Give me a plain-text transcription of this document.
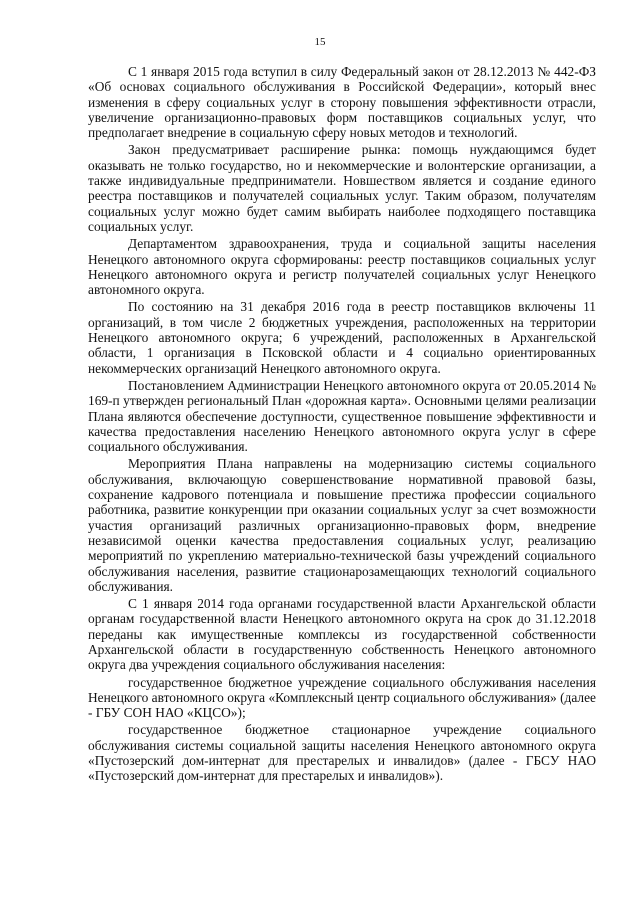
15

С 1 января 2015 года вступил в силу Федеральный закон от 28.12.2013 № 442-ФЗ «Об основах социального обслуживания в Российской Федерации», который внес изменения в сферу социальных услуг в сторону повышения эффективности отрасли, увеличение организационно-правовых форм поставщиков социальных услуг, что предполагает внедрение в социальную сферу новых методов и технологий.

Закон предусматривает расширение рынка: помощь нуждающимся будет оказывать не только государство, но и некоммерческие и волонтерские организации, а также индивидуальные предприниматели. Новшеством является и создание единого реестра поставщиков и получателей социальных услуг. Таким образом, получателям социальных услуг можно будет самим выбирать наиболее подходящего поставщика социальных услуг.

Департаментом здравоохранения, труда и социальной защиты населения Ненецкого автономного округа сформированы: реестр поставщиков социальных услуг Ненецкого автономного округа и регистр получателей социальных услуг Ненецкого автономного округа.

По состоянию на 31 декабря 2016 года в реестр поставщиков включены 11 организаций, в том числе 2 бюджетных учреждения, расположенных на территории Ненецкого автономного округа; 6 учреждений, расположенных в Архангельской области, 1 организация в Псковской области и 4 социально ориентированных некоммерческих организаций Ненецкого автономного округа.

Постановлением Администрации Ненецкого автономного округа от 20.05.2014 № 169-п утвержден региональный План «дорожная карта». Основными целями реализации Плана являются обеспечение доступности, существенное повышение эффективности и качества предоставления населению Ненецкого автономного округа услуг в сфере социального обслуживания.

Мероприятия Плана направлены на модернизацию системы социального обслуживания, включающую совершенствование нормативной правовой базы, сохранение кадрового потенциала и повышение престижа профессии социального работника, развитие конкуренции при оказании социальных услуг за счет возможности участия организаций различных организационно-правовых форм, внедрение независимой оценки качества предоставления социальных услуг, реализацию мероприятий по укреплению материально-технической базы учреждений социального обслуживания населения, развитие стационарозамещающих технологий социального обслуживания.

С 1 января 2014 года органами государственной власти Архангельской области органам государственной власти Ненецкого автономного округа на срок до 31.12.2018 переданы как имущественные комплексы из государственной собственности Архангельской области в государственную собственность Ненецкого автономного округа два учреждения социального обслуживания населения:

государственное бюджетное учреждение социального обслуживания населения Ненецкого автономного округа «Комплексный центр социального обслуживания» (далее - ГБУ СОН НАО «КЦСО»);

государственное бюджетное стационарное учреждение социального обслуживания системы социальной защиты населения Ненецкого автономного округа «Пустозерский дом-интернат для престарелых и инвалидов» (далее - ГБСУ НАО «Пустозерский дом-интернат для престарелых и инвалидов»).
